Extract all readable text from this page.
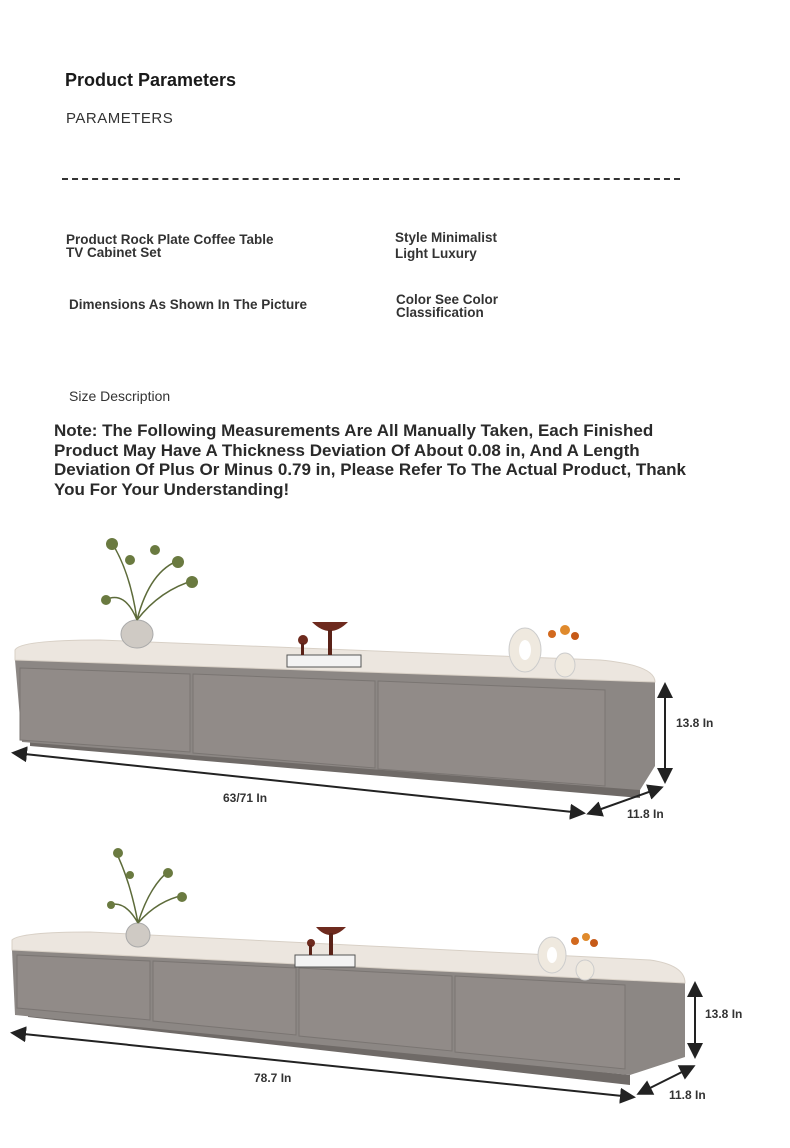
Product Parameters
PARAMETERS
Product Rock Plate Coffee Table
TV Cabinet Set
Style Minimalist
Light Luxury
Dimensions As Shown In The Picture	Color See Color
Classification
Size Description
Note: The Following Measurements Are All Manually Taken, Each Finished Product May Have A Thickness Deviation Of About 0.08 in, And A Length Deviation Of Plus Or Minus 0.79 in, Please Refer To The Actual Product, Thank You For Your Understanding!
63/71 In
13.8 In
11.8 In
78.7 In
13.8 In
11.8 In
